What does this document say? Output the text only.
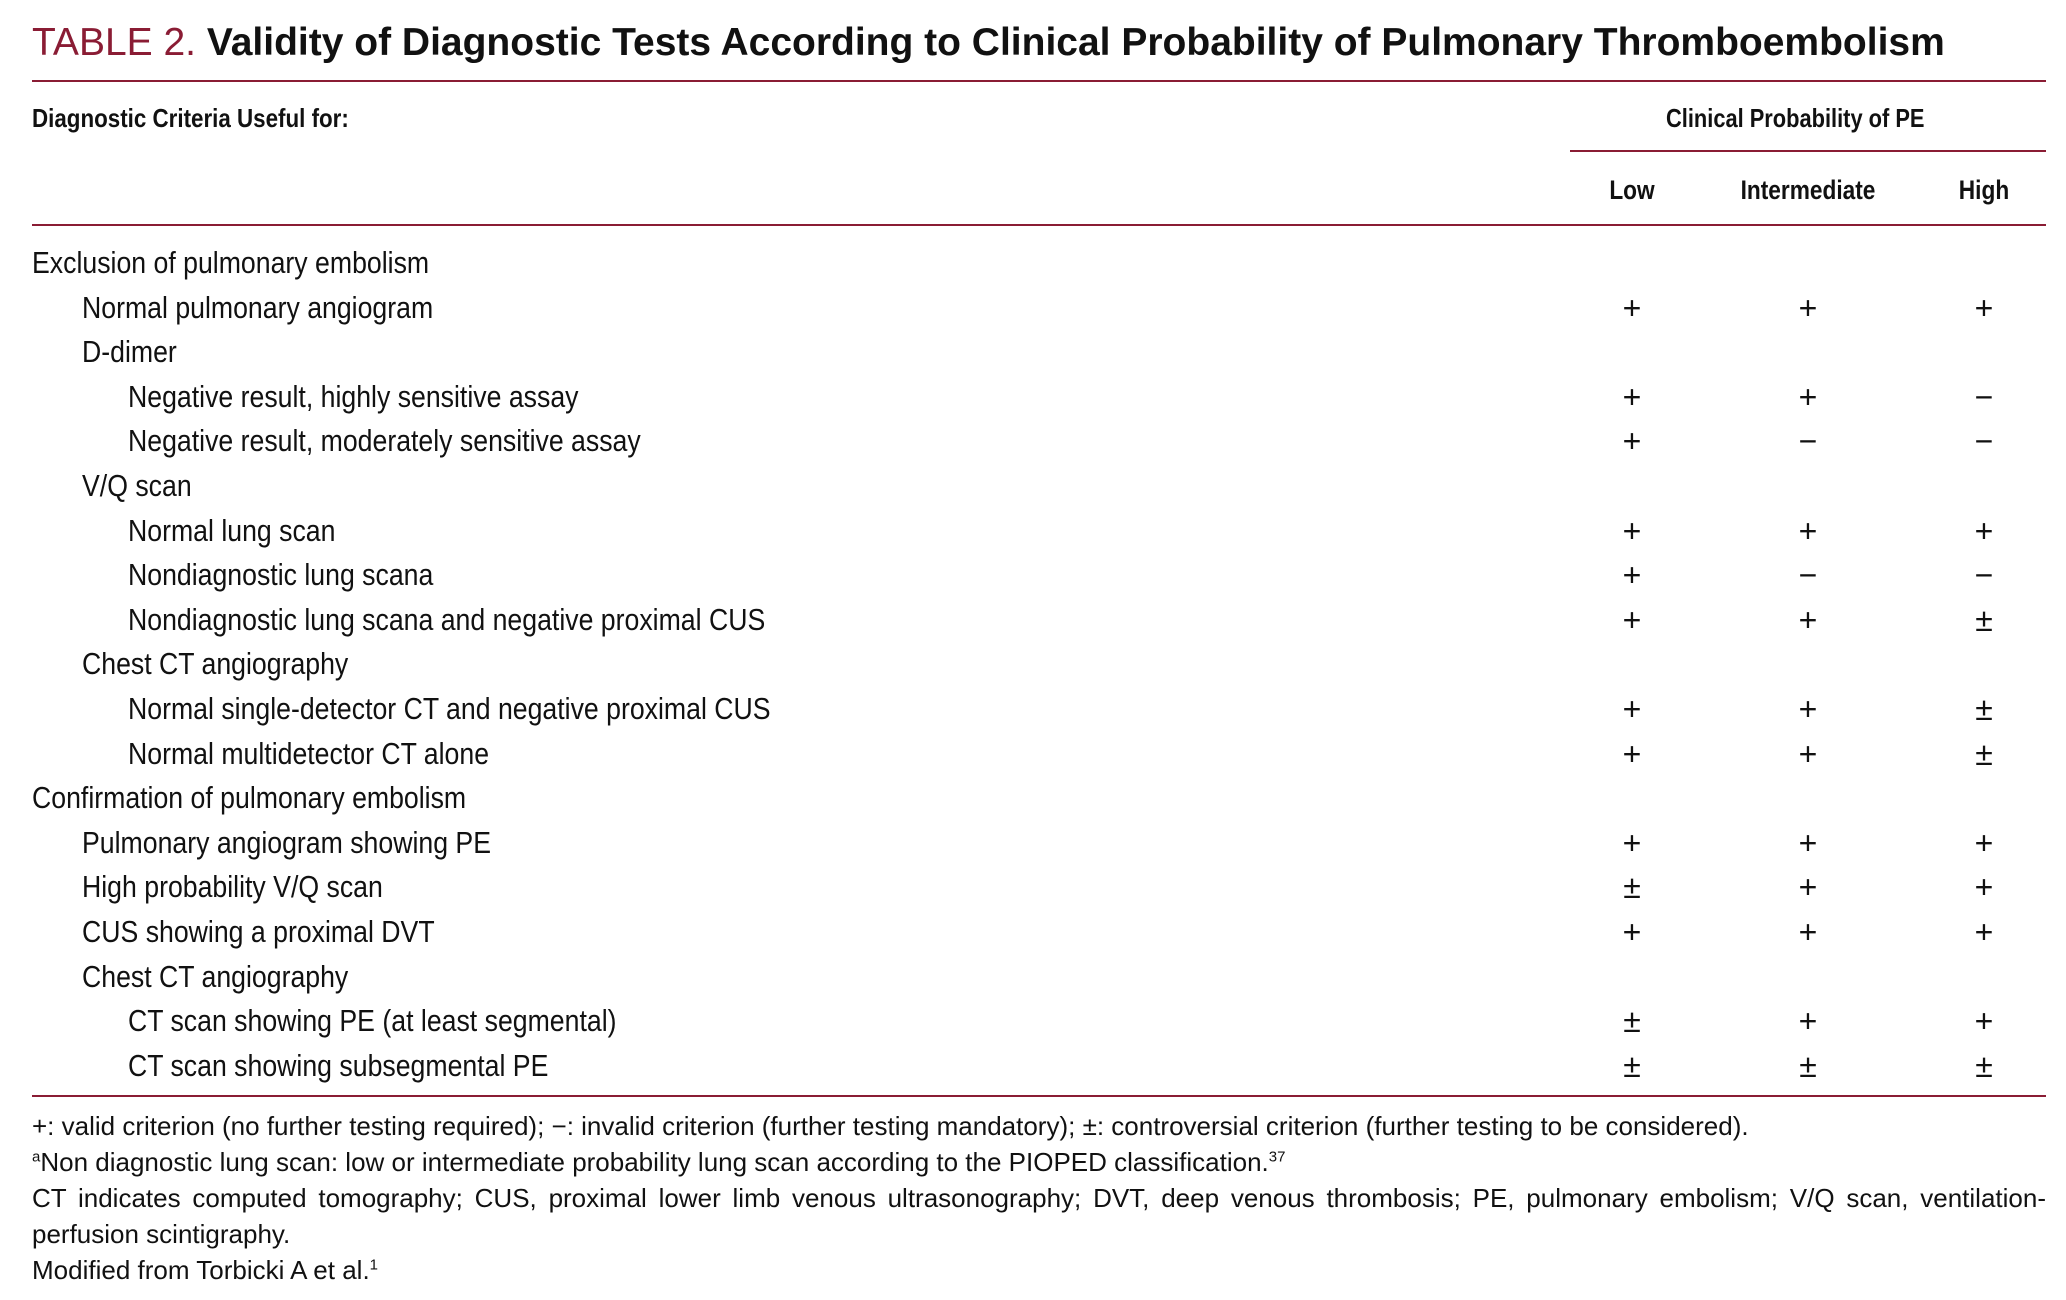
TABLE 2. Validity of Diagnostic Tests According to Clinical Probability of Pulmonary Thromboembolism
Diagnostic Criteria Useful for:	Clinical Probability of PE
Low	Intermediate	High
Exclusion of pulmonary embolism
Normal pulmonary angiogram	+	+	+
D-dimer
Negative result, highly sensitive assay	+	+	−
Negative result, moderately sensitive assay	+	−	−
V/Q scan
Normal lung scan	+	+	+
Nondiagnostic lung scana	+	−	−
Nondiagnostic lung scana and negative proximal CUS	+	+	±
Chest CT angiography
Normal single-detector CT and negative proximal CUS	+	+	±
Normal multidetector CT alone	+	+	±
Confirmation of pulmonary embolism
Pulmonary angiogram showing PE	+	+	+
High probability V/Q scan	±	+	+
CUS showing a proximal DVT	+	+	+
Chest CT angiography
CT scan showing PE (at least segmental)	±	+	+
CT scan showing subsegmental PE	±	±	±
+: valid criterion (no further testing required); −: invalid criterion (further testing mandatory); ±: controversial criterion (further testing to be considered).
$^a$Non diagnostic lung scan: low or intermediate probability lung scan according to the PIOPED classification.$^{37}$
CT indicates computed tomography; CUS, proximal lower limb venous ultrasonography; DVT, deep venous thrombosis; PE, pulmonary embolism; V/Q scan, ventilation-
perfusion scintigraphy.
Modified from Torbicki A et al.$^1$
